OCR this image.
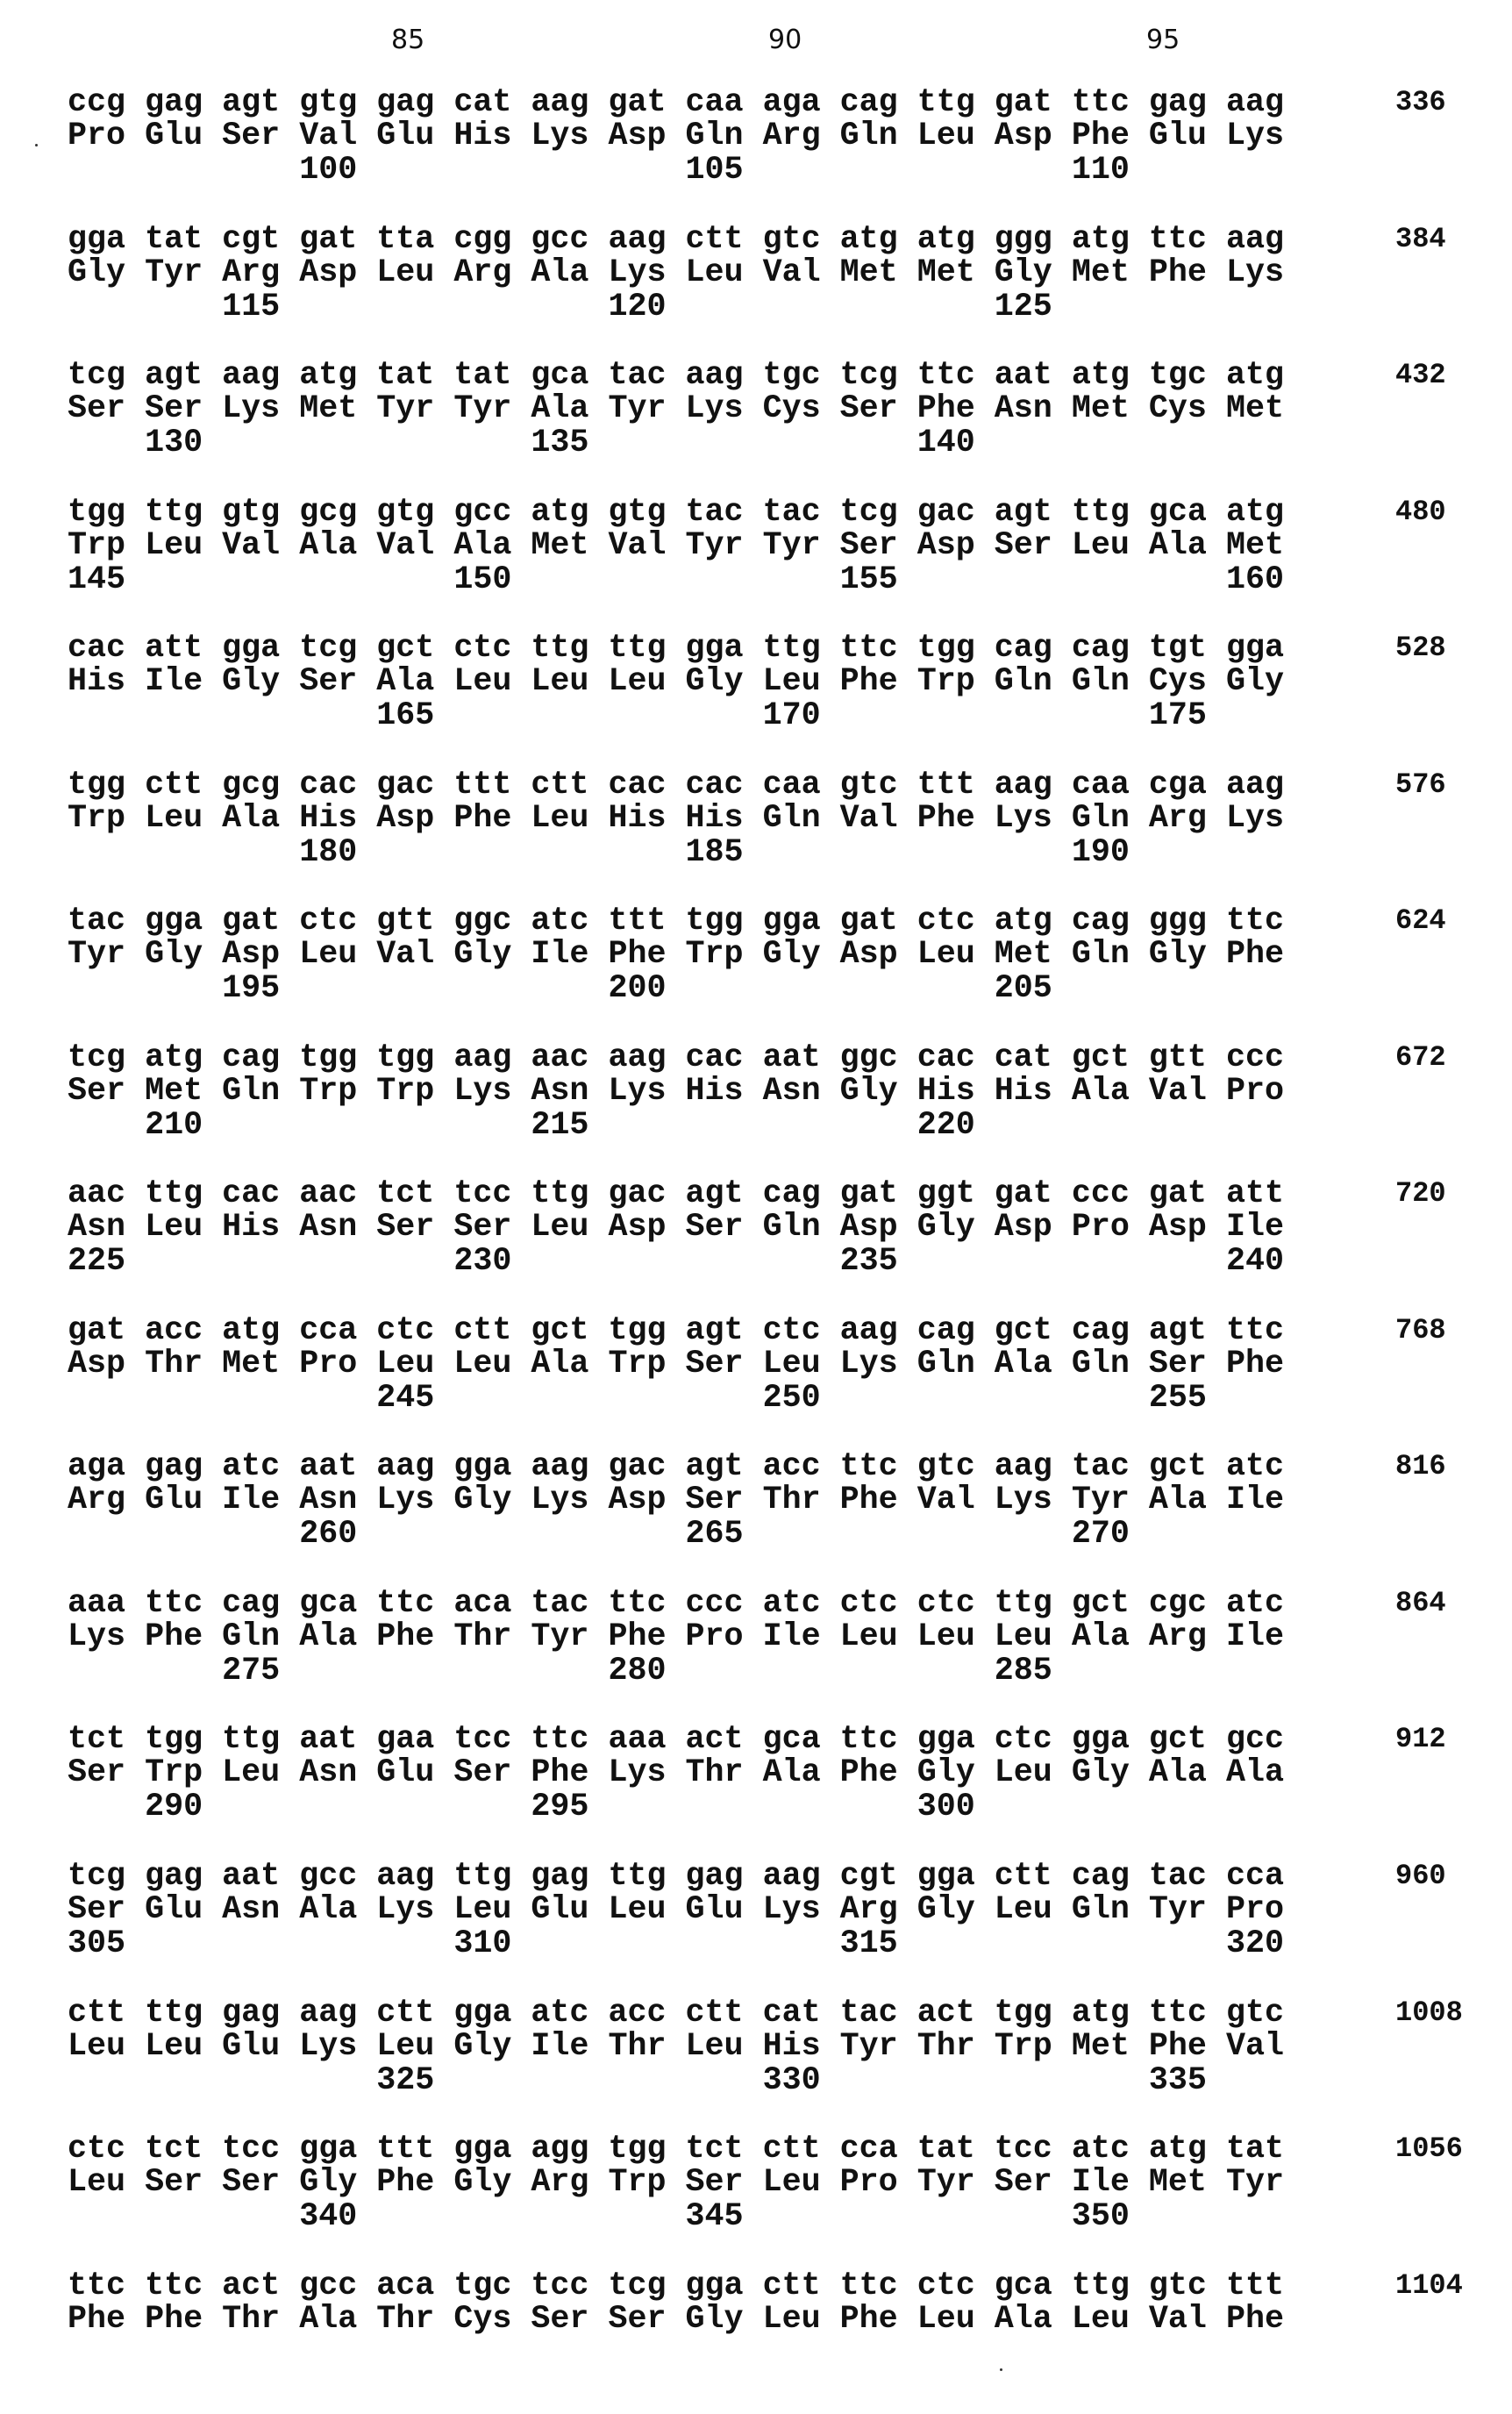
85	90	95
ccg gag agt gtg gag cat aag gat caa aga cag ttg gat ttc gag aag
Pro Glu Ser Val Glu His Lys Asp Gln Arg Gln Leu Asp Phe Glu Lys
100                 105                 110
336
gga tat cgt gat tta cgg gcc aag ctt gtc atg atg ggg atg ttc aag
Gly Tyr Arg Asp Leu Arg Ala Lys Leu Val Met Met Gly Met Phe Lys
115                 120                 125
384
tcg agt aag atg tat tat gca tac aag tgc tcg ttc aat atg tgc atg
Ser Ser Lys Met Tyr Tyr Ala Tyr Lys Cys Ser Phe Asn Met Cys Met
130                 135                 140
432
tgg ttg gtg gcg gtg gcc atg gtg tac tac tcg gac agt ttg gca atg
Trp Leu Val Ala Val Ala Met Val Tyr Tyr Ser Asp Ser Leu Ala Met
145                 150                 155                 160
480
cac att gga tcg gct ctc ttg ttg gga ttg ttc tgg cag cag tgt gga
His Ile Gly Ser Ala Leu Leu Leu Gly Leu Phe Trp Gln Gln Cys Gly
165                 170                 175
528
tgg ctt gcg cac gac ttt ctt cac cac caa gtc ttt aag caa cga aag
Trp Leu Ala His Asp Phe Leu His His Gln Val Phe Lys Gln Arg Lys
180                 185                 190
576
tac gga gat ctc gtt ggc atc ttt tgg gga gat ctc atg cag ggg ttc
Tyr Gly Asp Leu Val Gly Ile Phe Trp Gly Asp Leu Met Gln Gly Phe
195                 200                 205
624
tcg atg cag tgg tgg aag aac aag cac aat ggc cac cat gct gtt ccc
Ser Met Gln Trp Trp Lys Asn Lys His Asn Gly His His Ala Val Pro
210                 215                 220
672
aac ttg cac aac tct tcc ttg gac agt cag gat ggt gat ccc gat att
Asn Leu His Asn Ser Ser Leu Asp Ser Gln Asp Gly Asp Pro Asp Ile
225                 230                 235                 240
720
gat acc atg cca ctc ctt gct tgg agt ctc aag cag gct cag agt ttc
Asp Thr Met Pro Leu Leu Ala Trp Ser Leu Lys Gln Ala Gln Ser Phe
245                 250                 255
768
aga gag atc aat aag gga aag gac agt acc ttc gtc aag tac gct atc
Arg Glu Ile Asn Lys Gly Lys Asp Ser Thr Phe Val Lys Tyr Ala Ile
260                 265                 270
816
aaa ttc cag gca ttc aca tac ttc ccc atc ctc ctc ttg gct cgc atc
Lys Phe Gln Ala Phe Thr Tyr Phe Pro Ile Leu Leu Leu Ala Arg Ile
275                 280                 285
864
tct tgg ttg aat gaa tcc ttc aaa act gca ttc gga ctc gga gct gcc
Ser Trp Leu Asn Glu Ser Phe Lys Thr Ala Phe Gly Leu Gly Ala Ala
290                 295                 300
912
tcg gag aat gcc aag ttg gag ttg gag aag cgt gga ctt cag tac cca
Ser Glu Asn Ala Lys Leu Glu Leu Glu Lys Arg Gly Leu Gln Tyr Pro
305                 310                 315                 320
960
ctt ttg gag aag ctt gga atc acc ctt cat tac act tgg atg ttc gtc
Leu Leu Glu Lys Leu Gly Ile Thr Leu His Tyr Thr Trp Met Phe Val
325                 330                 335
1008
ctc tct tcc gga ttt gga agg tgg tct ctt cca tat tcc atc atg tat
Leu Ser Ser Gly Phe Gly Arg Trp Ser Leu Pro Tyr Ser Ile Met Tyr
340                 345                 350
1056
ttc ttc act gcc aca tgc tcc tcg gga ctt ttc ctc gca ttg gtc ttt
Phe Phe Thr Ala Thr Cys Ser Ser Gly Leu Phe Leu Ala Leu Val Phe
1104
